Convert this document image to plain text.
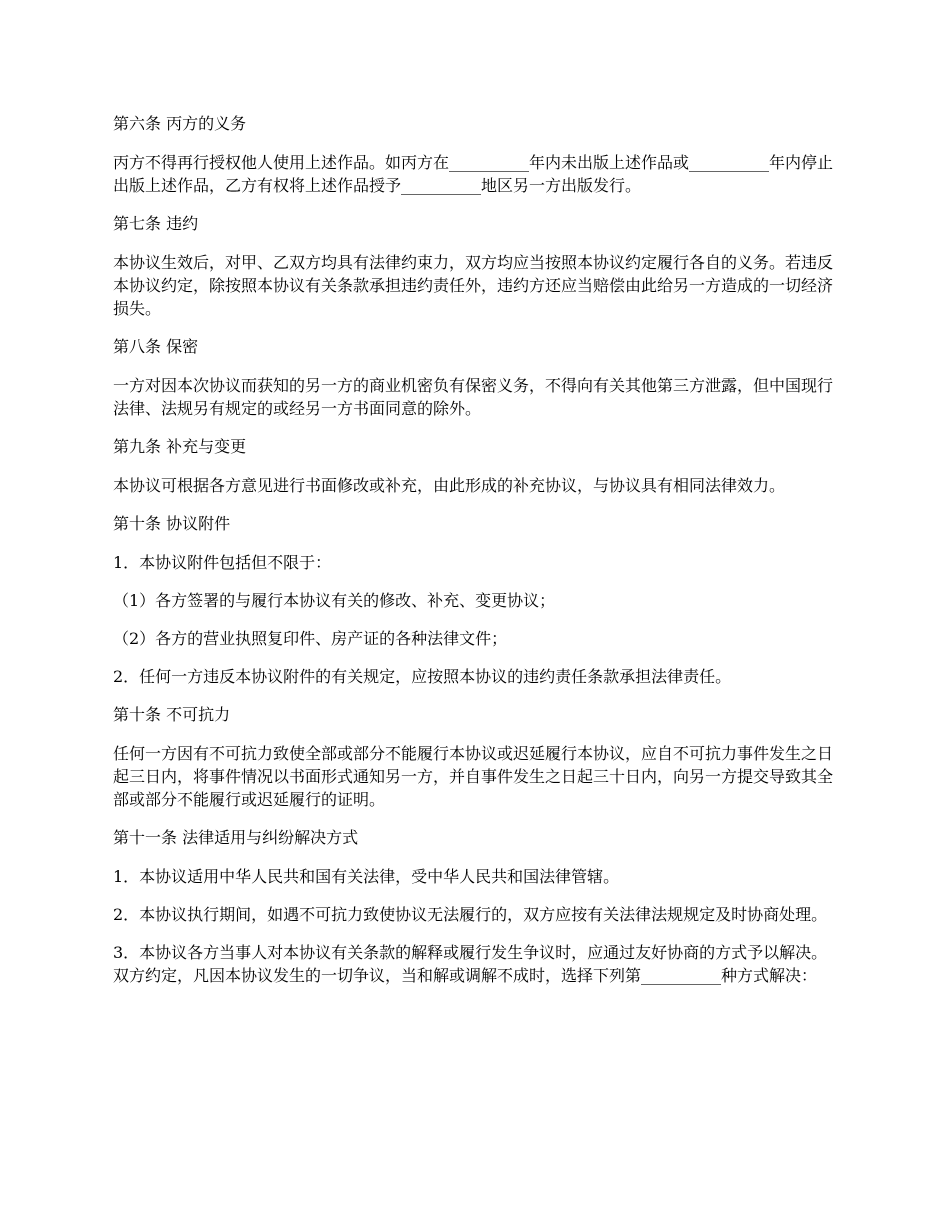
第六条 丙方的义务

丙方不得再行授权他人使用上述作品。如丙方在__________年内未出版上述作品或__________年内停止出版上述作品，乙方有权将上述作品授予__________地区另一方出版发行。

第七条 违约

本协议生效后，对甲、乙双方均具有法律约束力，双方均应当按照本协议约定履行各自的义务。若违反本协议约定，除按照本协议有关条款承担违约责任外，违约方还应当赔偿由此给另一方造成的一切经济损失。

第八条 保密

一方对因本次协议而获知的另一方的商业机密负有保密义务，不得向有关其他第三方泄露，但中国现行法律、法规另有规定的或经另一方书面同意的除外。

第九条 补充与变更

本协议可根据各方意见进行书面修改或补充，由此形成的补充协议，与协议具有相同法律效力。

第十条 协议附件

1．本协议附件包括但不限于：

（1）各方签署的与履行本协议有关的修改、补充、变更协议；

（2）各方的营业执照复印件、房产证的各种法律文件；

2．任何一方违反本协议附件的有关规定，应按照本协议的违约责任条款承担法律责任。

第十条 不可抗力

任何一方因有不可抗力致使全部或部分不能履行本协议或迟延履行本协议，应自不可抗力事件发生之日起三日内，将事件情况以书面形式通知另一方，并自事件发生之日起三十日内，向另一方提交导致其全部或部分不能履行或迟延履行的证明。

第十一条 法律适用与纠纷解决方式

1．本协议适用中华人民共和国有关法律，受中华人民共和国法律管辖。

2．本协议执行期间，如遇不可抗力致使协议无法履行的，双方应按有关法律法规规定及时协商处理。

3．本协议各方当事人对本协议有关条款的解释或履行发生争议时，应通过友好协商的方式予以解决。双方约定，凡因本协议发生的一切争议，当和解或调解不成时，选择下列第__________种方式解决：
